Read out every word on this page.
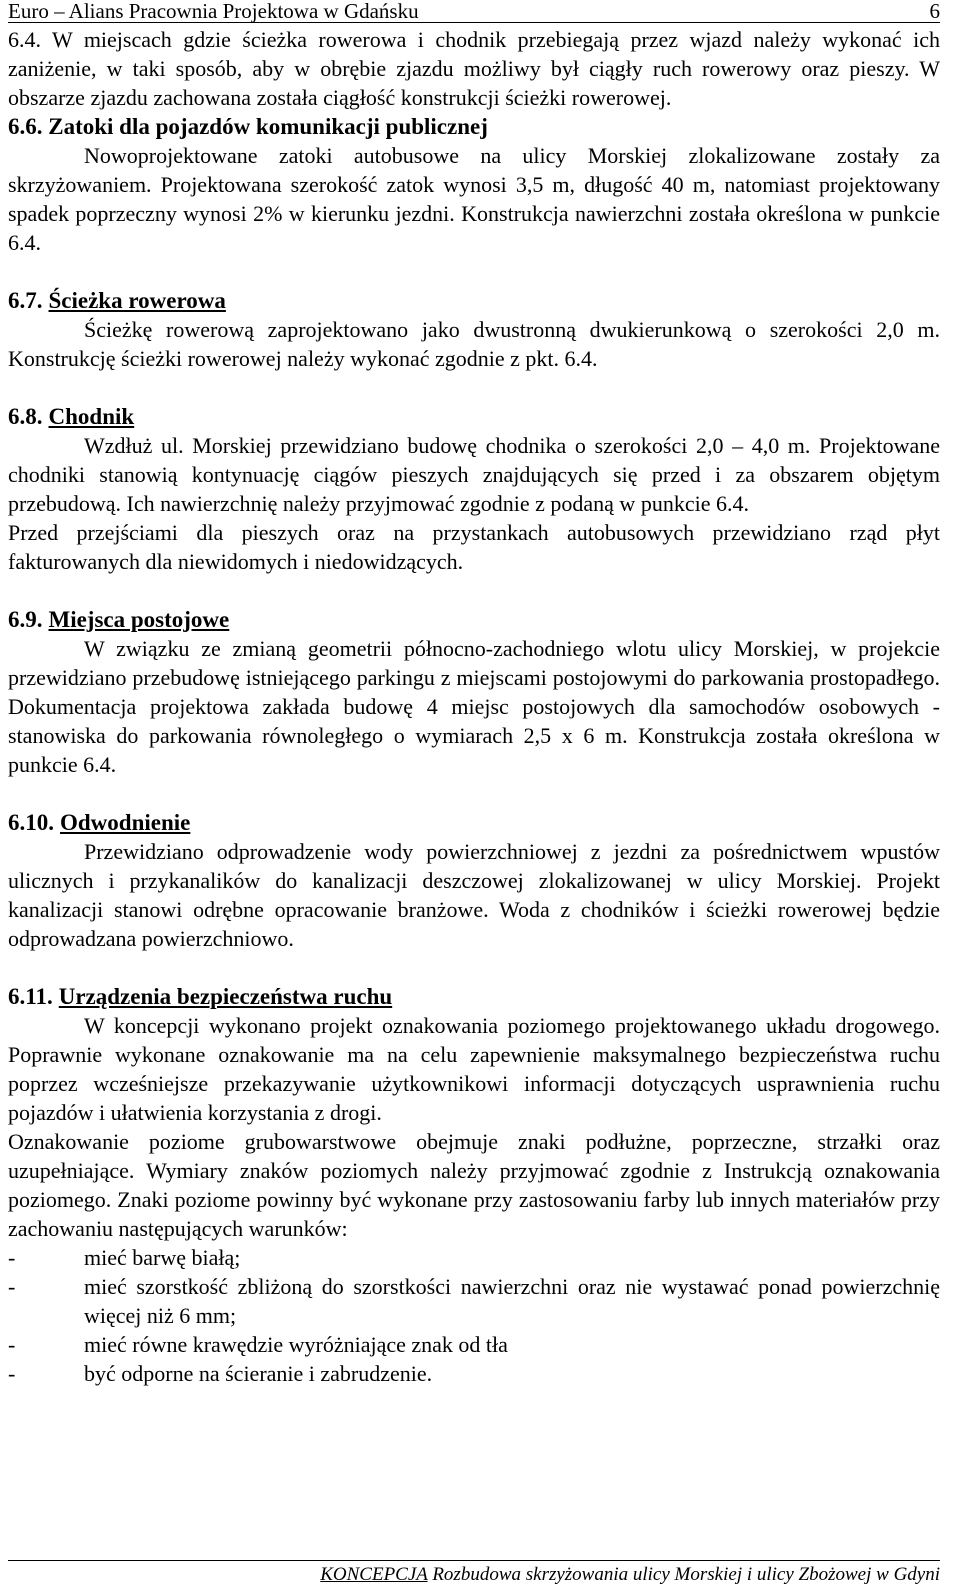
Euro – Alians Pracownia Projektowa w Gdańsku	6

6.4. W miejscach gdzie ścieżka rowerowa i chodnik przebiegają przez wjazd należy wykonać ich zaniżenie, w taki sposób, aby w obrębie zjazdu możliwy był ciągły ruch rowerowy oraz pieszy. W obszarze zjazdu zachowana została ciągłość konstrukcji ścieżki rowerowej.

6.6. Zatoki dla pojazdów komunikacji publicznej

Nowoprojektowane zatoki autobusowe na ulicy Morskiej zlokalizowane zostały za skrzyżowaniem. Projektowana szerokość zatok wynosi 3,5 m, długość 40 m, natomiast projektowany spadek poprzeczny wynosi 2% w kierunku jezdni. Konstrukcja nawierzchni została określona w punkcie 6.4.

6.7. Ścieżka rowerowa

Ścieżkę rowerową zaprojektowano jako dwustronną dwukierunkową o szerokości 2,0 m. Konstrukcję ścieżki rowerowej należy wykonać zgodnie z pkt. 6.4.

6.8. Chodnik

Wzdłuż ul. Morskiej przewidziano budowę chodnika o szerokości 2,0 – 4,0 m. Projektowane chodniki stanowią kontynuację ciągów pieszych znajdujących się przed i za obszarem objętym przebudową. Ich nawierzchnię należy przyjmować zgodnie z podaną w punkcie 6.4.

Przed przejściami dla pieszych oraz na przystankach autobusowych przewidziano rząd płyt fakturowanych dla niewidomych i niedowidzących.

6.9. Miejsca postojowe

W związku ze zmianą geometrii północno-zachodniego wlotu ulicy Morskiej, w projekcie przewidziano przebudowę istniejącego parkingu z miejscami postojowymi do parkowania prostopadłego. Dokumentacja projektowa zakłada budowę 4 miejsc postojowych dla samochodów osobowych - stanowiska do parkowania równoległego o wymiarach 2,5 x 6 m. Konstrukcja została określona w punkcie 6.4.

6.10. Odwodnienie

Przewidziano odprowadzenie wody powierzchniowej z jezdni za pośrednictwem wpustów ulicznych i przykanalików do kanalizacji deszczowej zlokalizowanej w ulicy Morskiej. Projekt kanalizacji stanowi odrębne opracowanie branżowe. Woda z chodników i ścieżki rowerowej będzie odprowadzana powierzchniowo.

6.11. Urządzenia bezpieczeństwa ruchu

W koncepcji wykonano projekt oznakowania poziomego projektowanego układu drogowego. Poprawnie wykonane oznakowanie ma na celu zapewnienie maksymalnego bezpieczeństwa ruchu poprzez wcześniejsze przekazywanie użytkownikowi informacji dotyczących usprawnienia ruchu pojazdów i ułatwienia korzystania z drogi.

Oznakowanie poziome grubowarstwowe obejmuje znaki podłużne, poprzeczne, strzałki oraz uzupełniające. Wymiary znaków poziomych należy przyjmować zgodnie z Instrukcją oznakowania poziomego. Znaki poziome powinny być wykonane przy zastosowaniu farby lub innych materiałów przy zachowaniu następujących warunków:

-	mieć barwę białą;
-	mieć szorstkość zbliżoną do szorstkości nawierzchni oraz nie wystawać ponad powierzchnię więcej niż 6 mm;
-	mieć równe krawędzie wyróżniające znak od tła
-	być odporne na ścieranie i zabrudzenie.
KONCEPCJA Rozbudowa skrzyżowania ulicy Morskiej i ulicy Zbożowej w Gdyni
